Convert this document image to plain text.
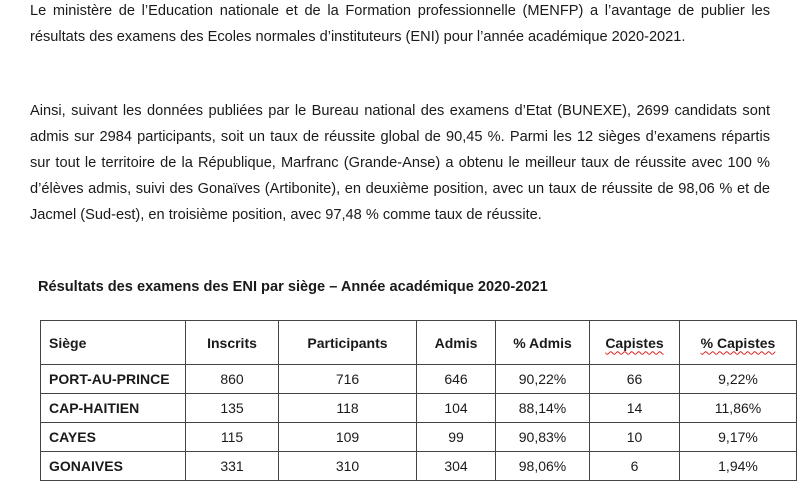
Le ministère de l’Education nationale et de la Formation professionnelle (MENFP) a l’avantage de publier les résultats des examens des Ecoles normales d’instituteurs (ENI) pour l’année académique 2020-2021.

Ainsi, suivant les données publiées par le Bureau national des examens d’Etat (BUNEXE), 2699 candidats sont admis sur 2984 participants, soit un taux de réussite global de 90,45 %. Parmi les 12 sièges d’examens répartis sur tout le territoire de la République, Marfranc (Grande-Anse) a obtenu le meilleur taux de réussite avec 100 % d’élèves admis, suivi des Gonaïves (Artibonite), en deuxième position, avec un taux de réussite de 98,06 % et de Jacmel (Sud-est), en troisième position, avec 97,48 % comme taux de réussite.

Résultats des examens des ENI par siège – Année académique 2020-2021

Siège	Inscrits	Participants	Admis	% Admis	Capistes	% Capistes
PORT-AU-PRINCE	860	716	646	90,22%	66	9,22%
CAP-HAITIEN	135	118	104	88,14%	14	11,86%
CAYES	115	109	99	90,83%	10	9,17%
GONAIVES	331	310	304	98,06%	6	1,94%
